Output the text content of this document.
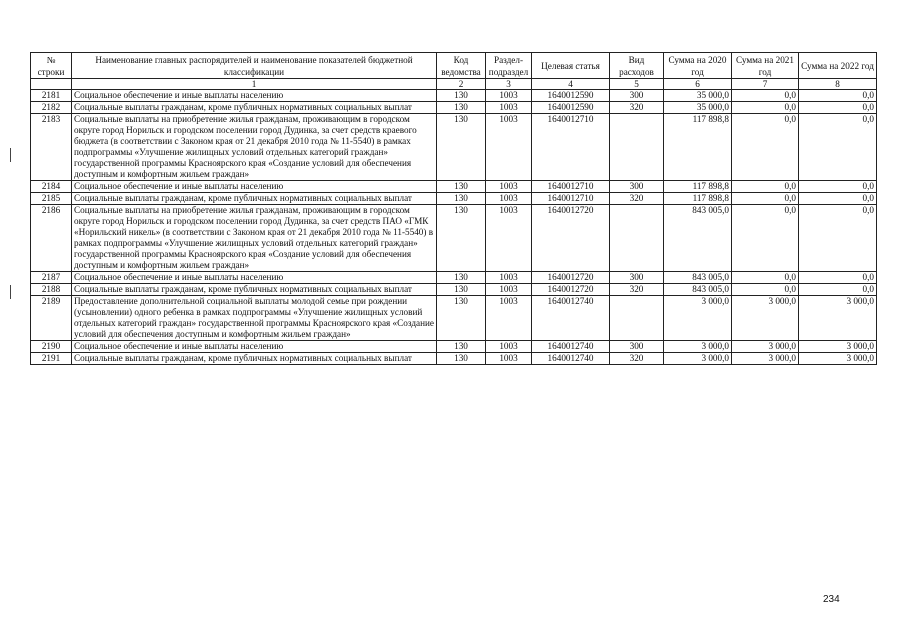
№ строки	Наименование главных распорядителей и наименование показателей бюджетной классификации	Код ведомства	Раздел-подраздел	Целевая статья	Вид расходов	Сумма на 2020 год	Сумма на 2021 год	Сумма на 2022 год
	1	2	3	4	5	6	7	8
2181	Социальное обеспечение и иные выплаты населению	130	1003	1640012590	300	35 000,0	0,0	0,0
2182	Социальные выплаты гражданам, кроме публичных нормативных социальных выплат	130	1003	1640012590	320	35 000,0	0,0	0,0
2183	Социальные выплаты на приобретение жилья гражданам, проживающим в городском округе город Норильск и городском поселении город Дудинка, за счет средств краевого бюджета (в соответствии с Законом края от 21 декабря 2010 года № 11-5540) в рамках подпрограммы «Улучшение жилищных условий отдельных категорий граждан» государственной программы Красноярского края «Создание условий для обеспечения доступным и комфортным жильем граждан»	130	1003	1640012710		117 898,8	0,0	0,0
2184	Социальное обеспечение и иные выплаты населению	130	1003	1640012710	300	117 898,8	0,0	0,0
2185	Социальные выплаты гражданам, кроме публичных нормативных социальных выплат	130	1003	1640012710	320	117 898,8	0,0	0,0
2186	Социальные выплаты на приобретение жилья гражданам, проживающим в городском округе город Норильск и городском поселении город Дудинка, за счет средств ПАО «ГМК «Норильский никель» (в соответствии с Законом края от 21 декабря 2010 года № 11-5540) в рамках подпрограммы «Улучшение жилищных условий отдельных категорий граждан» государственной программы Красноярского края «Создание условий для обеспечения доступным и комфортным жильем граждан»	130	1003	1640012720		843 005,0	0,0	0,0
2187	Социальное обеспечение и иные выплаты населению	130	1003	1640012720	300	843 005,0	0,0	0,0
2188	Социальные выплаты гражданам, кроме публичных нормативных социальных выплат	130	1003	1640012720	320	843 005,0	0,0	0,0
2189	Предоставление дополнительной социальной выплаты молодой семье при рождении (усыновлении) одного ребенка в рамках подпрограммы «Улучшение жилищных условий отдельных категорий граждан» государственной программы Красноярского края «Создание условий для обеспечения доступным и комфортным жильем граждан»	130	1003	1640012740		3 000,0	3 000,0	3 000,0
2190	Социальное обеспечение и иные выплаты населению	130	1003	1640012740	300	3 000,0	3 000,0	3 000,0
2191	Социальные выплаты гражданам, кроме публичных нормативных социальных выплат	130	1003	1640012740	320	3 000,0	3 000,0	3 000,0
234
